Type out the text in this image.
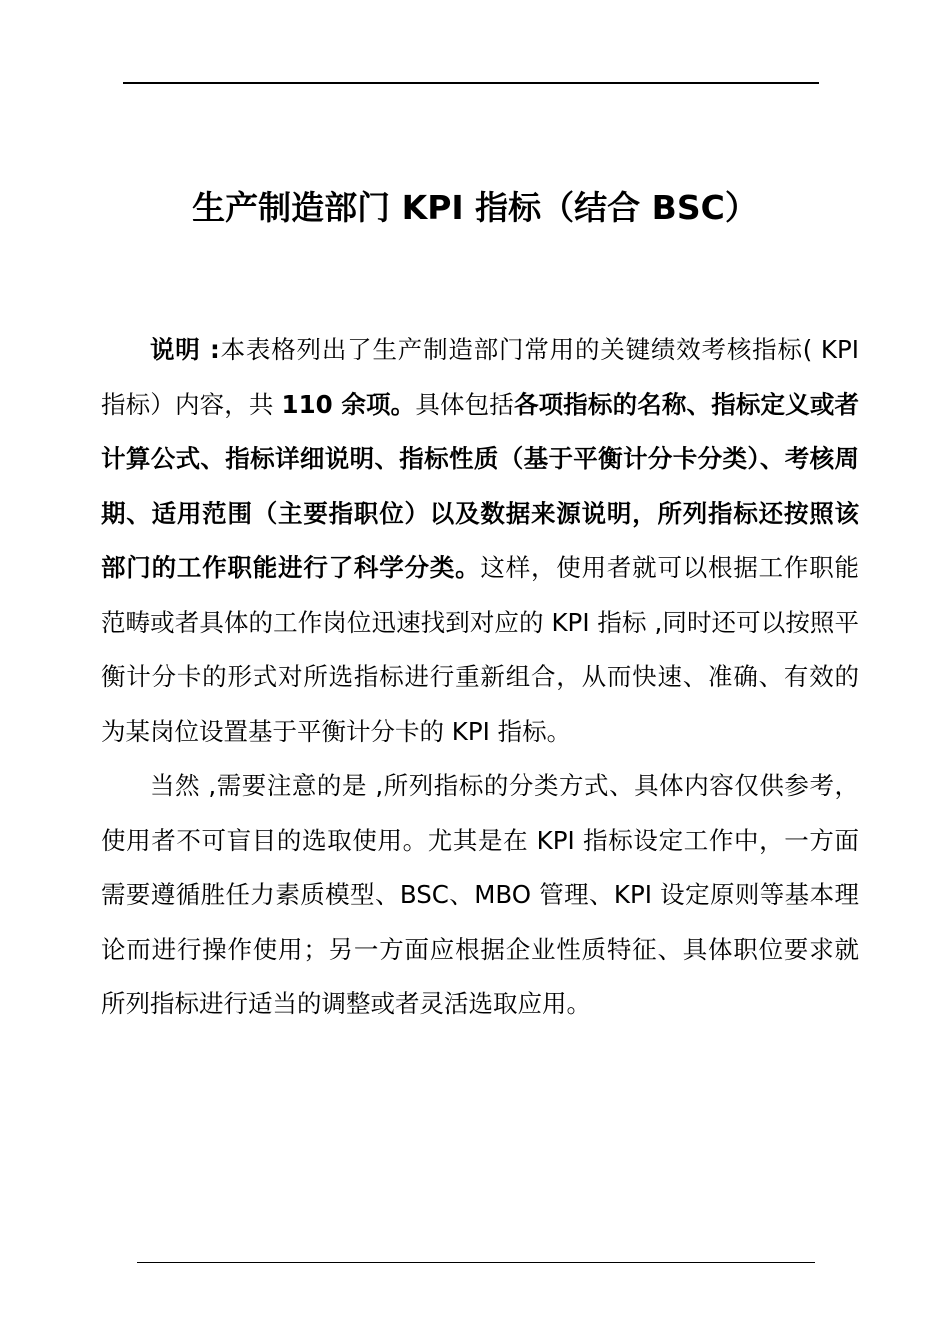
生产制造部门 KPI 指标（结合 BSC）

说明 :本表格列出了生产制造部门常用的关键绩效考核指标( KPI 指标）内容，共 110 余项。具体包括各项指标的名称、指标定义或者计算公式、指标详细说明、指标性质（基于平衡计分卡分类）、考核周期、适用范围（主要指职位）以及数据来源说明，所列指标还按照该部门的工作职能进行了科学分类。这样，使用者就可以根据工作职能范畴或者具体的工作岗位迅速找到对应的 KPI 指标 ,同时还可以按照平衡计分卡的形式对所选指标进行重新组合，从而快速、准确、有效的为某岗位设置基于平衡计分卡的 KPI 指标。

当然 ,需要注意的是 ,所列指标的分类方式、具体内容仅供参考，使用者不可盲目的选取使用。尤其是在 KPI 指标设定工作中，一方面需要遵循胜任力素质模型、BSC、MBO 管理、KPI 设定原则等基本理论而进行操作使用；另一方面应根据企业性质特征、具体职位要求就所列指标进行适当的调整或者灵活选取应用。
